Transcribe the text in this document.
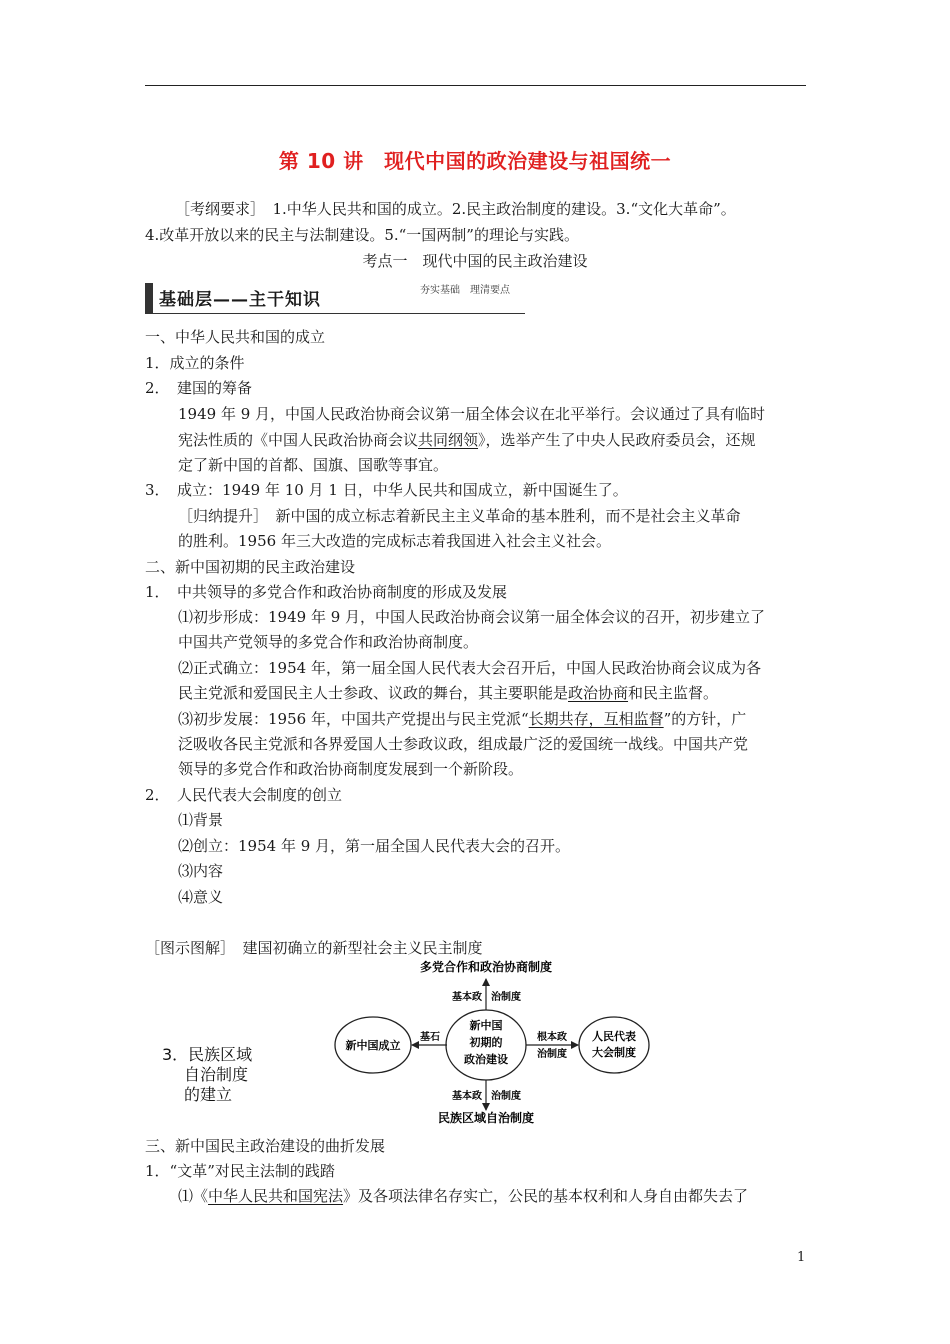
第 10 讲　现代中国的政治建设与祖国统一
［考纲要求］　1.中华人民共和国的成立。2.民主政治制度的建设。3.“文化大革命”。
4.改革开放以来的民主与法制建设。5.“一国两制”的理论与实践。
考点一　现代中国的民主政治建设
基础层——主干知识	夯实基础　理清要点
一、中华人民共和国的成立
1．成立的条件
2．　建国的筹备
1949 年 9 月，中国人民政治协商会议第一届全体会议在北平举行。会议通过了具有临时
宪法性质的《中国人民政治协商会议共同纲领》，选举产生了中央人民政府委员会，还规
定了新中国的首都、国旗、国歌等事宜。
3．　成立：1949 年 10 月 1 日，中华人民共和国成立，新中国诞生了。
［归纳提升］　新中国的成立标志着新民主主义革命的基本胜利，而不是社会主义革命
的胜利。1956 年三大改造的完成标志着我国进入社会主义社会。
二、新中国初期的民主政治建设
1．　中共领导的多党合作和政治协商制度的形成及发展
⑴初步形成：1949 年 9 月，中国人民政治协商会议第一届全体会议的召开，初步建立了
中国共产党领导的多党合作和政治协商制度。
⑵正式确立：1954 年，第一届全国人民代表大会召开后，中国人民政治协商会议成为各
民主党派和爱国民主人士参政、议政的舞台，其主要职能是政治协商和民主监督。
⑶初步发展：1956 年，中国共产党提出与民主党派“长期共存，互相监督”的方针，广
泛吸收各民主党派和各界爱国人士参政议政，组成最广泛的爱国统一战线。中国共产党
领导的多党合作和政治协商制度发展到一个新阶段。
2．　人民代表大会制度的创立
⑴背景
⑵创立：1954 年 9 月，第一届全国人民代表大会的召开。
⑶内容
⑷意义
［图示图解］　建国初确立的新型社会主义民主制度
多党合作和政治协商制度
基本政 治制度
新中国成立
基石
新中国
初期的
政治建设
根本政
治制度
人民代表
大会制度
基本政 治制度
民族区域自治制度
3．民族区域
自治制度
的建立
三、新中国民主政治建设的曲折发展
1．“文革”对民主法制的践踏
⑴《中华人民共和国宪法》及各项法律名存实亡，公民的基本权利和人身自由都失去了
1
